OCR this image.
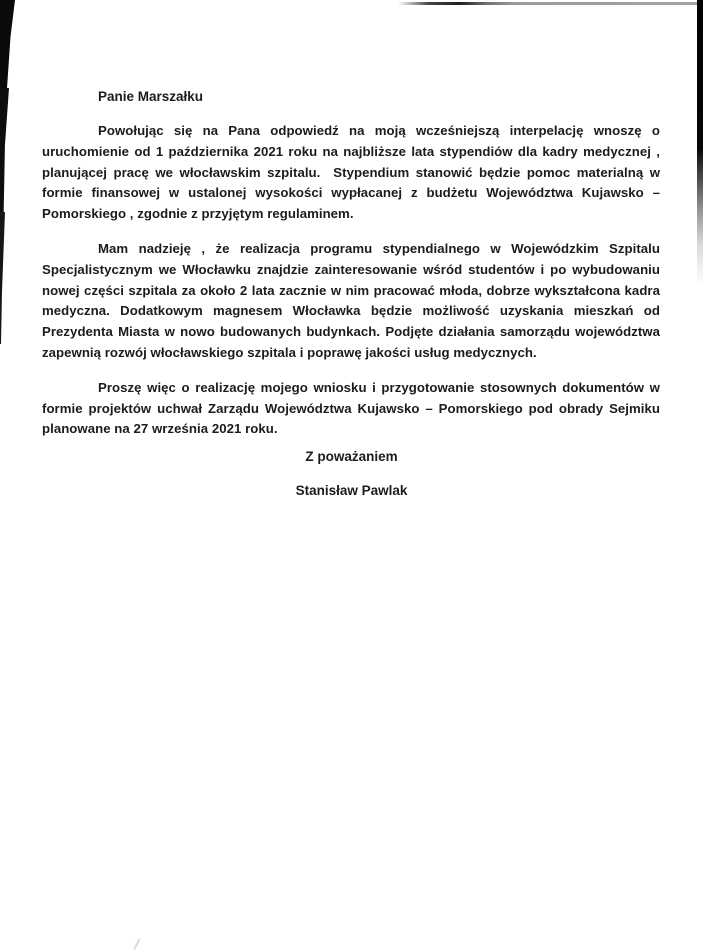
Panie Marszałku

Powołując się na Pana odpowiedź na moją wcześniejszą interpelację wnoszę o uruchomienie od 1 października 2021 roku na najbliższe lata stypendiów dla kadry medycznej , planującej pracę we włocławskim szpitalu.  Stypendium stanowić będzie pomoc materialną w formie finansowej w ustalonej wysokości wypłacanej z budżetu Województwa Kujawsko – Pomorskiego , zgodnie z przyjętym regulaminem.

Mam nadzieję , że realizacja programu stypendialnego w Wojewódzkim Szpitalu Specjalistycznym we Włocławku znajdzie zainteresowanie wśród studentów i po wybudowaniu nowej części szpitala za około 2 lata zacznie w nim pracować młoda, dobrze wykształcona kadra medyczna. Dodatkowym magnesem Włocławka będzie możliwość uzyskania mieszkań od Prezydenta Miasta w nowo budowanych budynkach. Podjęte działania samorządu województwa zapewnią rozwój włocławskiego szpitala i poprawę jakości usług medycznych.

Proszę więc o realizację mojego wniosku i przygotowanie stosownych dokumentów w formie projektów uchwał Zarządu Województwa Kujawsko – Pomorskiego pod obrady Sejmiku planowane na 27 września 2021 roku.

Z poważaniem

Stanisław Pawlak
